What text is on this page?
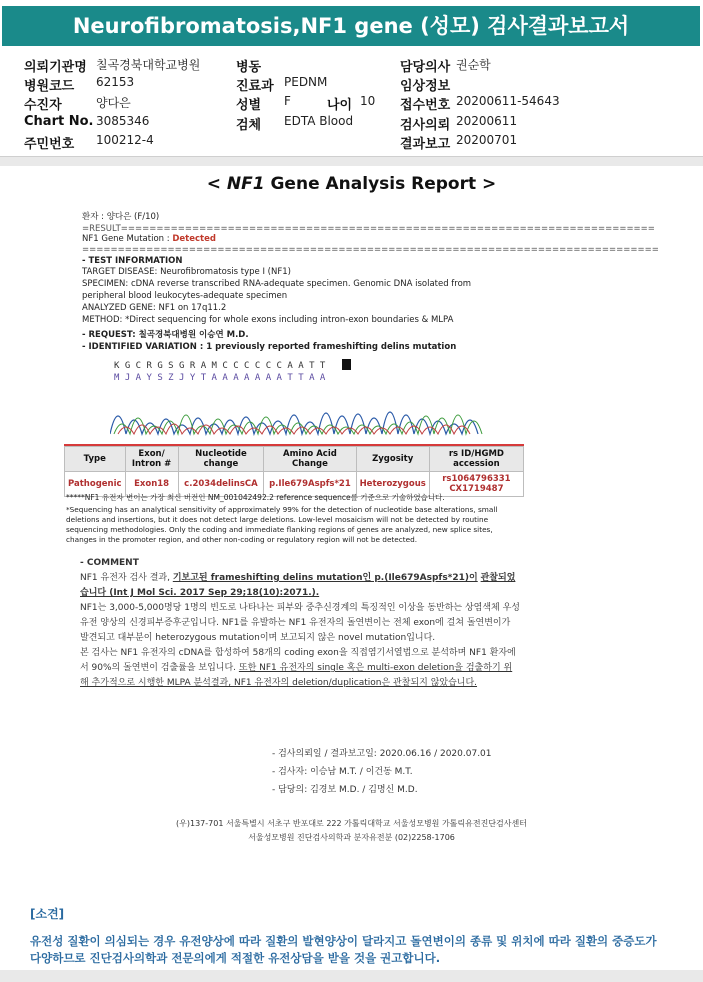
Neurofibromatosis,NF1 gene (성모) 검사결과보고서
의뢰기관명 칠곡경북대학교병원	병동	담당의사 권순학
병원코드 62153	진료과 PEDNM	임상정보
수진자	양다은	성별 F	나이 10 접수번호 20200611-54643
Chart No. 3085346	검체 EDTA Blood	검사의뢰 20200611
주민번호 100212-4	결과보고 20200701
< NF1 Gene Analysis Report >
환자 : 양다은 (F/10)
=RESULT===========================================================================
NF1 Gene Mutation : Detected
=================================================================================
- TEST INFORMATION
TARGET DISEASE: Neurofibromatosis type I (NF1)
SPECIMEN: cDNA reverse transcribed RNA-adequate specimen. Genomic DNA isolated from
peripheral blood leukocytes-adequate specimen
ANALYZED GENE: NF1 on 17q11.2
METHOD: *Direct sequencing for whole exons including intron-exon boundaries & MLPA
- REQUEST: 칠곡경북대병원 이승연 M.D.
- IDENTIFIED VARIATION : 1 previously reported frameshifting delins mutation
K G C R G S G R A M C C C C C C A A T T
M J A Y S Z J Y T A A A A A A A T T A A
Type	Exon/ Intron #	Nucleotide change	Amino Acid Change	Zygosity	rs ID/HGMD accession
Pathogenic	Exon18	c.2034delinsCA	p.Ile679Aspfs*21	Heterozygous	rs1064796331 CX1719487
*****NF1 유전자 변이는 가장 최신 버전인 NM_001042492.2 reference sequence를 기준으로 기술하였습니다.
*Sequencing has an analytical sensitivity of approximately 99% for the detection of nucleotide base alterations, small
deletions and insertions, but it does not detect large deletions. Low-level mosaicism will not be detected by routine
sequencing methodologies. Only the coding and immediate flanking regions of genes are analyzed, new splice sites,
changes in the promoter region, and other non-coding or regulatory region will not be detected.

- COMMENT

NF1 유전자 검사 결과, 기보고된 frameshifting delins mutation인 p.(Ile679Aspfs*21)이 관찰되었습니다 (Int J Mol Sci. 2017 Sep 29;18(10):2071.).

NF1는 3,000-5,000명당 1명의 빈도로 나타나는 피부와 중추신경계의 특징적인 이상을 동반하는 상염색체 우성유전 양상의 신경피부증후군입니다. NF1를 유발하는 NF1 유전자의 돌연변이는 전체 exon에 걸쳐 돌연변이가 발견되고 대부분이 heterozygous mutation이며 보고되지 않은 novel mutation입니다.

본 검사는 NF1 유전자의 cDNA를 합성하여 58개의 coding exon을 직접염기서열법으로 분석하며 NF1 환자에서 90%의 돌연변이 검출률을 보입니다. 또한 NF1 유전자의 single 혹은 multi-exon deletion을 검출하기 위해 추가적으로 시행한 MLPA 분석결과, NF1 유전자의 deletion/duplication은 관찰되지 않았습니다.

- 검사의뢰일 / 결과보고일: 2020.06.16 / 2020.07.01
- 검사자: 이승남 M.T. / 이건동 M.T.
- 담당의: 김경보 M.D. / 김명신 M.D.
(우)137-701 서울특별시 서초구 반포대로 222 가톨릭대학교 서울성모병원 가톨릭유전진단검사센터
서울성모병원 진단검사의학과 분자유전분 (02)2258-1706
[소견]
유전성 질환이 의심되는 경우 유전양상에 따라 질환의 발현양상이 달라지고 돌연변이의 종류 및 위치에 따라 질환의 중증도가 다양하므로 진단검사의학과 전문의에게 적절한 유전상담을 받을 것을 권고합니다.
